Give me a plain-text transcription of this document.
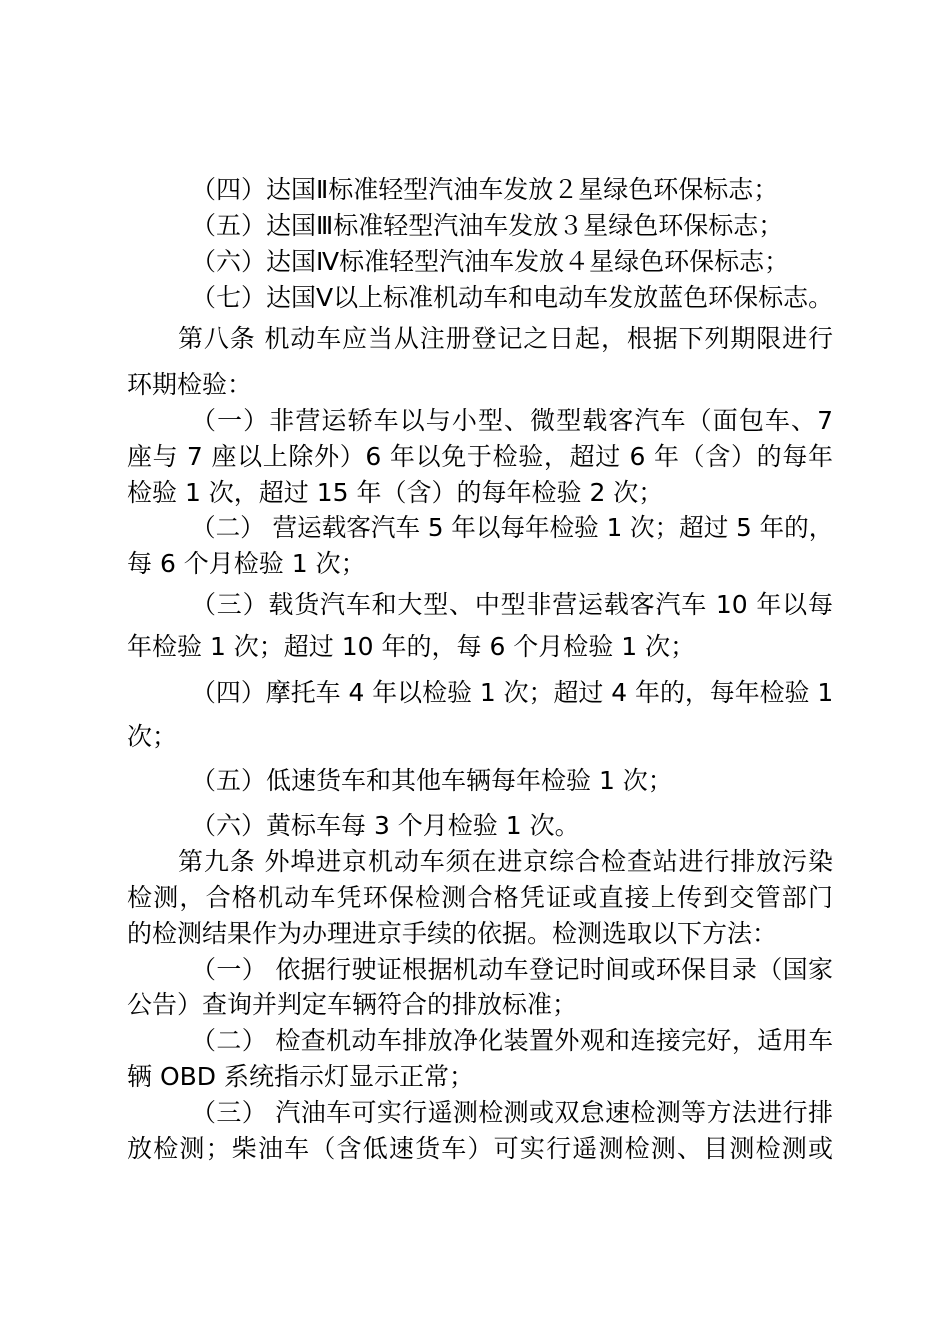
（四）达国Ⅱ标准轻型汽油车发放２星绿色环保标志；
（五）达国Ⅲ标准轻型汽油车发放３星绿色环保标志；
（六）达国Ⅳ标准轻型汽油车发放４星绿色环保标志；
（七）达国Ⅴ以上标准机动车和电动车发放蓝色环保标志。
第八条 机动车应当从注册登记之日起，根据下列期限进行
环期检验：
（一）非营运轿车以与小型、微型载客汽车（面包车、7
座与 7 座以上除外）6 年以免于检验，超过 6 年（含）的每年
检验 1 次，超过 15 年（含）的每年检验 2 次；
（二） 营运载客汽车 5 年以每年检验 1 次；超过 5 年的，
每 6 个月检验 1 次；
（三）载货汽车和大型、中型非营运载客汽车 10 年以每
年检验 1 次；超过 10 年的，每 6 个月检验 1 次；
（四）摩托车 4 年以检验 1 次；超过 4 年的，每年检验 1
次；
（五）低速货车和其他车辆每年检验 1 次；
（六）黄标车每 3 个月检验 1 次。
第九条 外埠进京机动车须在进京综合检查站进行排放污染
检测，合格机动车凭环保检测合格凭证或直接上传到交管部门
的检测结果作为办理进京手续的依据。检测选取以下方法：
（一） 依据行驶证根据机动车登记时间或环保目录（国家
公告）查询并判定车辆符合的排放标准；
（二） 检查机动车排放净化装置外观和连接完好，适用车
辆 OBD 系统指示灯显示正常；
（三） 汽油车可实行遥测检测或双怠速检测等方法进行排
放检测；柴油车（含低速货车）可实行遥测检测、目测检测或
